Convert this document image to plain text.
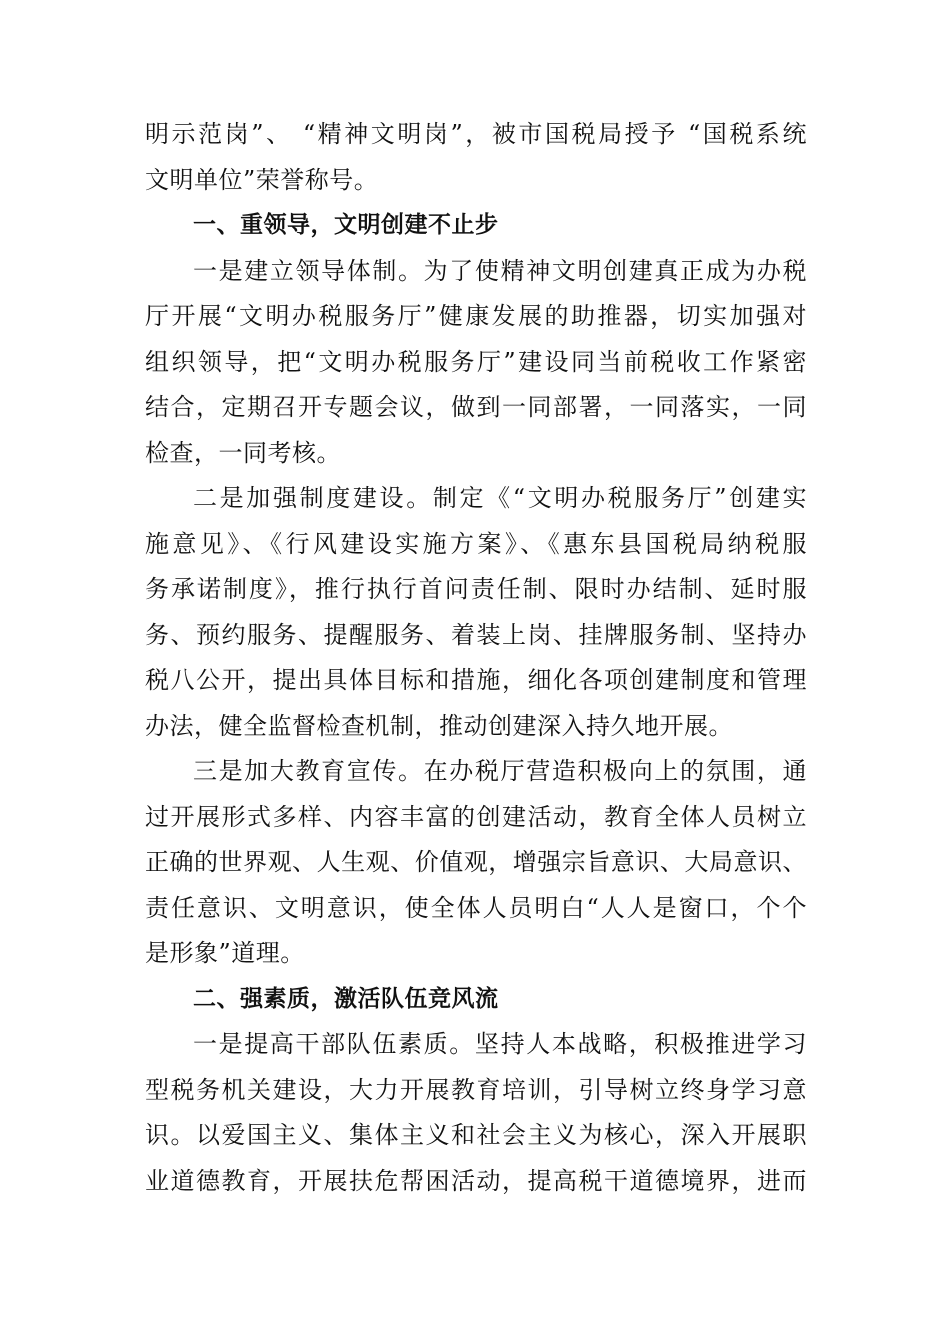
明示范岗”、 “精神文明岗”，被市国税局授予 “国税系统
文明单位”荣誉称号。
一、重领导，文明创建不止步
一是建立领导体制。为了使精神文明创建真正成为办税
厅开展“文明办税服务厅”健康发展的助推器，切实加强对
组织领导，把“文明办税服务厅”建设同当前税收工作紧密
结合，定期召开专题会议，做到一同部署，一同落实，一同
检查，一同考核。
二是加强制度建设。制定《“文明办税服务厅”创建实
施意见》、《行风建设实施方案》、《惠东县国税局纳税服
务承诺制度》，推行执行首问责任制、限时办结制、延时服
务、预约服务、提醒服务、着装上岗、挂牌服务制、坚持办
税八公开，提出具体目标和措施，细化各项创建制度和管理
办法，健全监督检查机制，推动创建深入持久地开展。
三是加大教育宣传。在办税厅营造积极向上的氛围，通
过开展形式多样、内容丰富的创建活动，教育全体人员树立
正确的世界观、人生观、价值观，增强宗旨意识、大局意识、
责任意识、文明意识，使全体人员明白“人人是窗口，个个
是形象”道理。
二、强素质，激活队伍竞风流
一是提高干部队伍素质。坚持人本战略，积极推进学习
型税务机关建设，大力开展教育培训，引导树立终身学习意
识。以爱国主义、集体主义和社会主义为核心，深入开展职
业道德教育，开展扶危帮困活动，提高税干道德境界，进而
